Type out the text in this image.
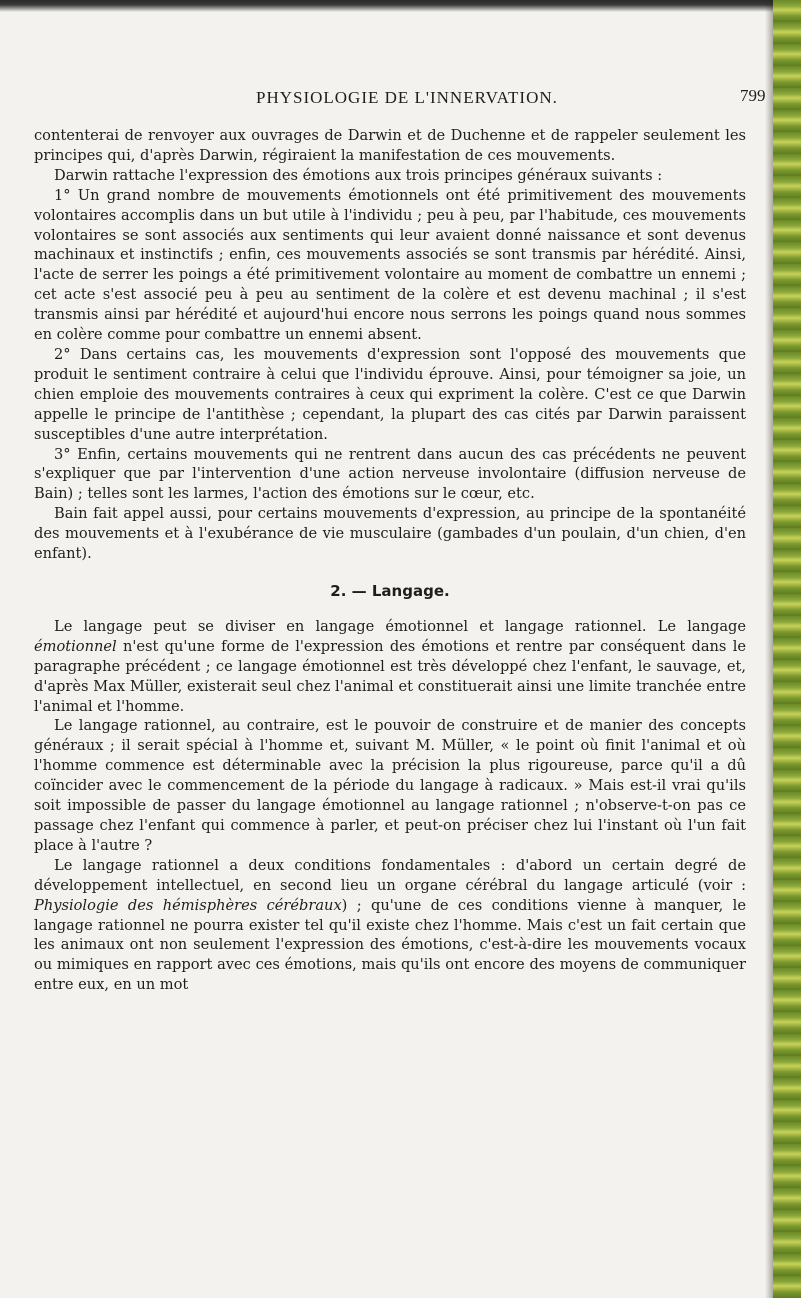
PHYSIOLOGIE DE L'INNERVATION.	799

contenterai de renvoyer aux ouvrages de Darwin et de Duchenne et de rappeler seulement les principes qui, d'après Darwin, régiraient la manifestation de ces mouvements.

Darwin rattache l'expression des émotions aux trois principes généraux suivants :

1° Un grand nombre de mouvements émotionnels ont été primitivement des mouvements volontaires accomplis dans un but utile à l'individu ; peu à peu, par l'habitude, ces mouvements volontaires se sont associés aux sentiments qui leur avaient donné naissance et sont devenus machinaux et instinctifs ; enfin, ces mouvements associés se sont transmis par hérédité. Ainsi, l'acte de serrer les poings a été primitivement volontaire au moment de combattre un ennemi ; cet acte s'est associé peu à peu au sentiment de la colère et est devenu machinal ; il s'est transmis ainsi par hérédité et aujourd'hui encore nous serrons les poings quand nous sommes en colère comme pour combattre un ennemi absent.

2° Dans certains cas, les mouvements d'expression sont l'opposé des mouvements que produit le sentiment contraire à celui que l'individu éprouve. Ainsi, pour témoigner sa joie, un chien emploie des mouvements contraires à ceux qui expriment la colère. C'est ce que Darwin appelle le principe de l'antithèse ; cependant, la plupart des cas cités par Darwin paraissent susceptibles d'une autre interprétation.

3° Enfin, certains mouvements qui ne rentrent dans aucun des cas précédents ne peuvent s'expliquer que par l'intervention d'une action nerveuse involontaire (diffusion nerveuse de Bain) ; telles sont les larmes, l'action des émotions sur le cœur, etc.

Bain fait appel aussi, pour certains mouvements d'expression, au principe de la spontanéité des mouvements et à l'exubérance de vie musculaire (gambades d'un poulain, d'un chien, d'en enfant).

2. — Langage.

Le langage peut se diviser en langage émotionnel et langage rationnel. Le langage émotionnel n'est qu'une forme de l'expression des émotions et rentre par conséquent dans le paragraphe précédent ; ce langage émotionnel est très développé chez l'enfant, le sauvage, et, d'après Max Müller, existerait seul chez l'animal et constituerait ainsi une limite tranchée entre l'animal et l'homme.

Le langage rationnel, au contraire, est le pouvoir de construire et de manier des concepts généraux ; il serait spécial à l'homme et, suivant M. Müller, « le point où finit l'animal et où l'homme commence est déterminable avec la précision la plus rigoureuse, parce qu'il a dû coïncider avec le commencement de la période du langage à radicaux. » Mais est-il vrai qu'ils soit impossible de passer du langage émotionnel au langage rationnel ; n'observe-t-on pas ce passage chez l'enfant qui commence à parler, et peut-on préciser chez lui l'instant où l'un fait place à l'autre ?

Le langage rationnel a deux conditions fondamentales : d'abord un certain degré de développement intellectuel, en second lieu un organe cérébral du langage articulé (voir : Physiologie des hémisphères cérébraux) ; qu'une de ces conditions vienne à manquer, le langage rationnel ne pourra exister tel qu'il existe chez l'homme. Mais c'est un fait certain que les animaux ont non seulement l'expression des émotions, c'est-à-dire les mouvements vocaux ou mimiques en rapport avec ces émotions, mais qu'ils ont encore des moyens de communiquer entre eux, en un mot
